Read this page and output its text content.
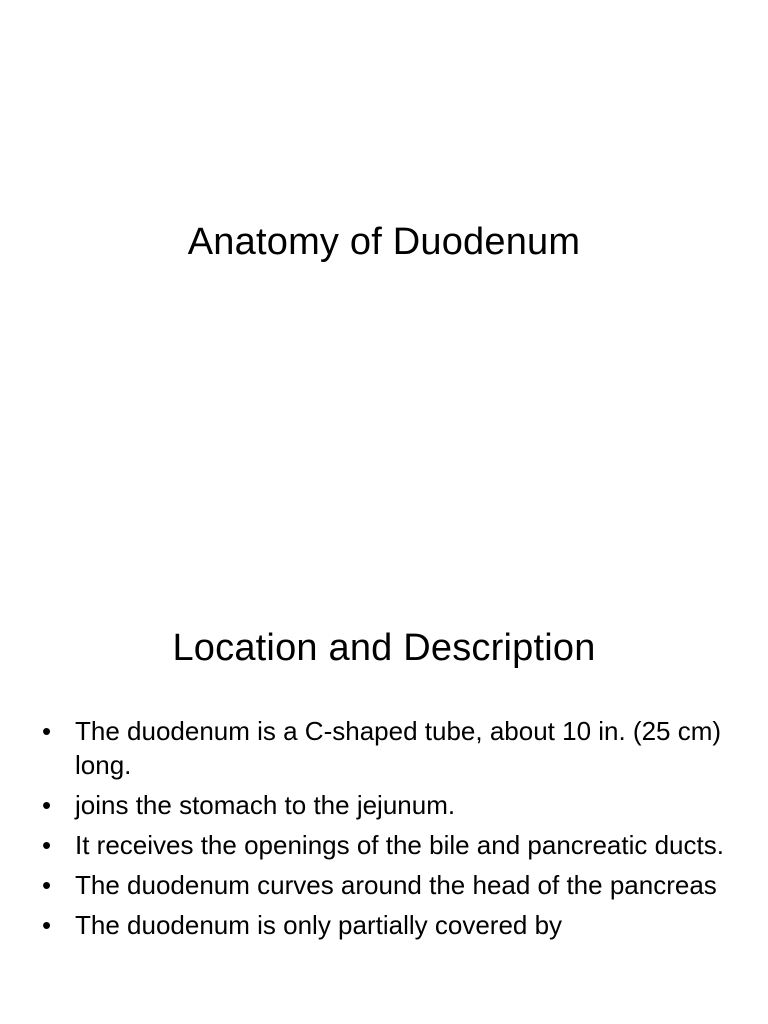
Anatomy of Duodenum
Location and Description
• The duodenum is a C-shaped tube, about 10 in. (25 cm) long.
• joins the stomach to the jejunum.
• It receives the openings of the bile and pancreatic ducts.
• The duodenum curves around the head of the pancreas
• The duodenum is only partially covered by
